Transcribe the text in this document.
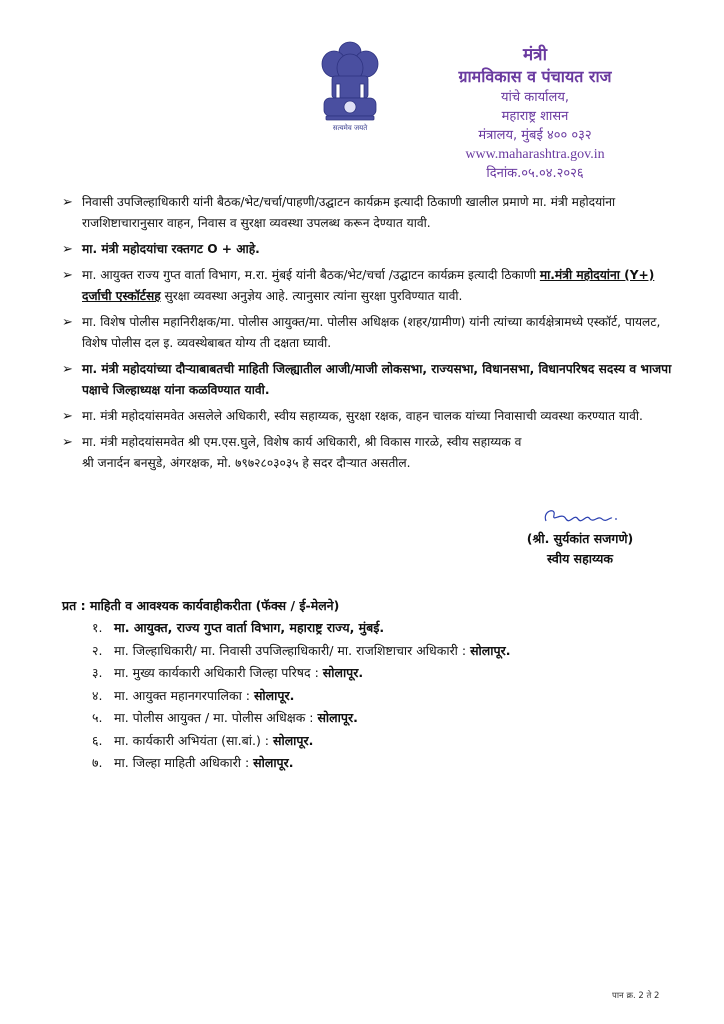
सत्यमेव जयते
मंत्री
ग्रामविकास व पंचायत राज
यांचे कार्यालय,
महाराष्ट्र शासन
मंत्रालय, मुंबई ४०० ०३२
www.maharashtra.gov.in
दिनांक.०५.०४.२०२६
➢ निवासी उपजिल्हाधिकारी यांनी बैठक/भेट/चर्चा/पाहणी/उद्घाटन कार्यक्रम इत्यादी ठिकाणी खालील प्रमाणे मा. मंत्री महोदयांना राजशिष्टाचारानुसार वाहन, निवास व सुरक्षा व्यवस्था उपलब्ध करून देण्यात यावी.
➢ मा. मंत्री महोदयांचा रक्तगट O + आहे.
➢ मा. आयुक्त राज्य गुप्त वार्ता विभाग, म.रा. मुंबई यांनी बैठक/भेट/चर्चा /उद्घाटन कार्यक्रम इत्यादी ठिकाणी मा.मंत्री महोदयांना (Y+) दर्जाची एस्कॉर्टसह सुरक्षा व्यवस्था अनुज्ञेय आहे. त्यानुसार त्यांना सुरक्षा पुरविण्यात यावी.
➢ मा. विशेष पोलीस महानिरीक्षक/मा. पोलीस आयुक्त/मा. पोलीस अधिक्षक (शहर/ग्रामीण) यांनी त्यांच्या कार्यक्षेत्रामध्ये एस्कॉर्ट, पायलट, विशेष पोलीस दल इ. व्यवस्थेबाबत योग्य ती दक्षता घ्यावी.
➢ मा. मंत्री महोदयांच्या दौऱ्याबाबतची माहिती जिल्ह्यातील आजी/माजी लोकसभा, राज्यसभा, विधानसभा, विधानपरिषद सदस्य व भाजपा पक्षाचे जिल्हाध्यक्ष यांना कळविण्यात यावी.
➢ मा. मंत्री महोदयांसमवेत असलेले अधिकारी, स्वीय सहाय्यक, सुरक्षा रक्षक, वाहन चालक यांच्या निवासाची व्यवस्था करण्यात यावी.
➢ मा. मंत्री महोदयांसमवेत श्री एम.एस.घुले, विशेष कार्य अधिकारी, श्री विकास गारळे, स्वीय सहाय्यक व
श्री जनार्दन बनसुडे, अंगरक्षक, मो. ७९७२८०३०३५ हे सदर दौऱ्यात असतील.
(श्री. सुर्यकांत सजगणे)
स्वीय सहाय्यक
प्रत : माहिती व आवश्यक कार्यवाहीकरीता (फॅक्स / ई-मेलने)
१. मा. आयुक्त, राज्य गुप्त वार्ता विभाग, महाराष्ट्र राज्य, मुंबई.
२. मा. जिल्हाधिकारी/ मा. निवासी उपजिल्हाधिकारी/ मा. राजशिष्टाचार अधिकारी : सोलापूर.
३. मा. मुख्य कार्यकारी अधिकारी जिल्हा परिषद : सोलापूर.
४. मा. आयुक्त महानगरपालिका : सोलापूर.
५. मा. पोलीस आयुक्त / मा. पोलीस अधिक्षक : सोलापूर.
६. मा. कार्यकारी अभियंता (सा.बां.) : सोलापूर.
७. मा. जिल्हा माहिती अधिकारी : सोलापूर.
पान क्र. 2 ते 2
